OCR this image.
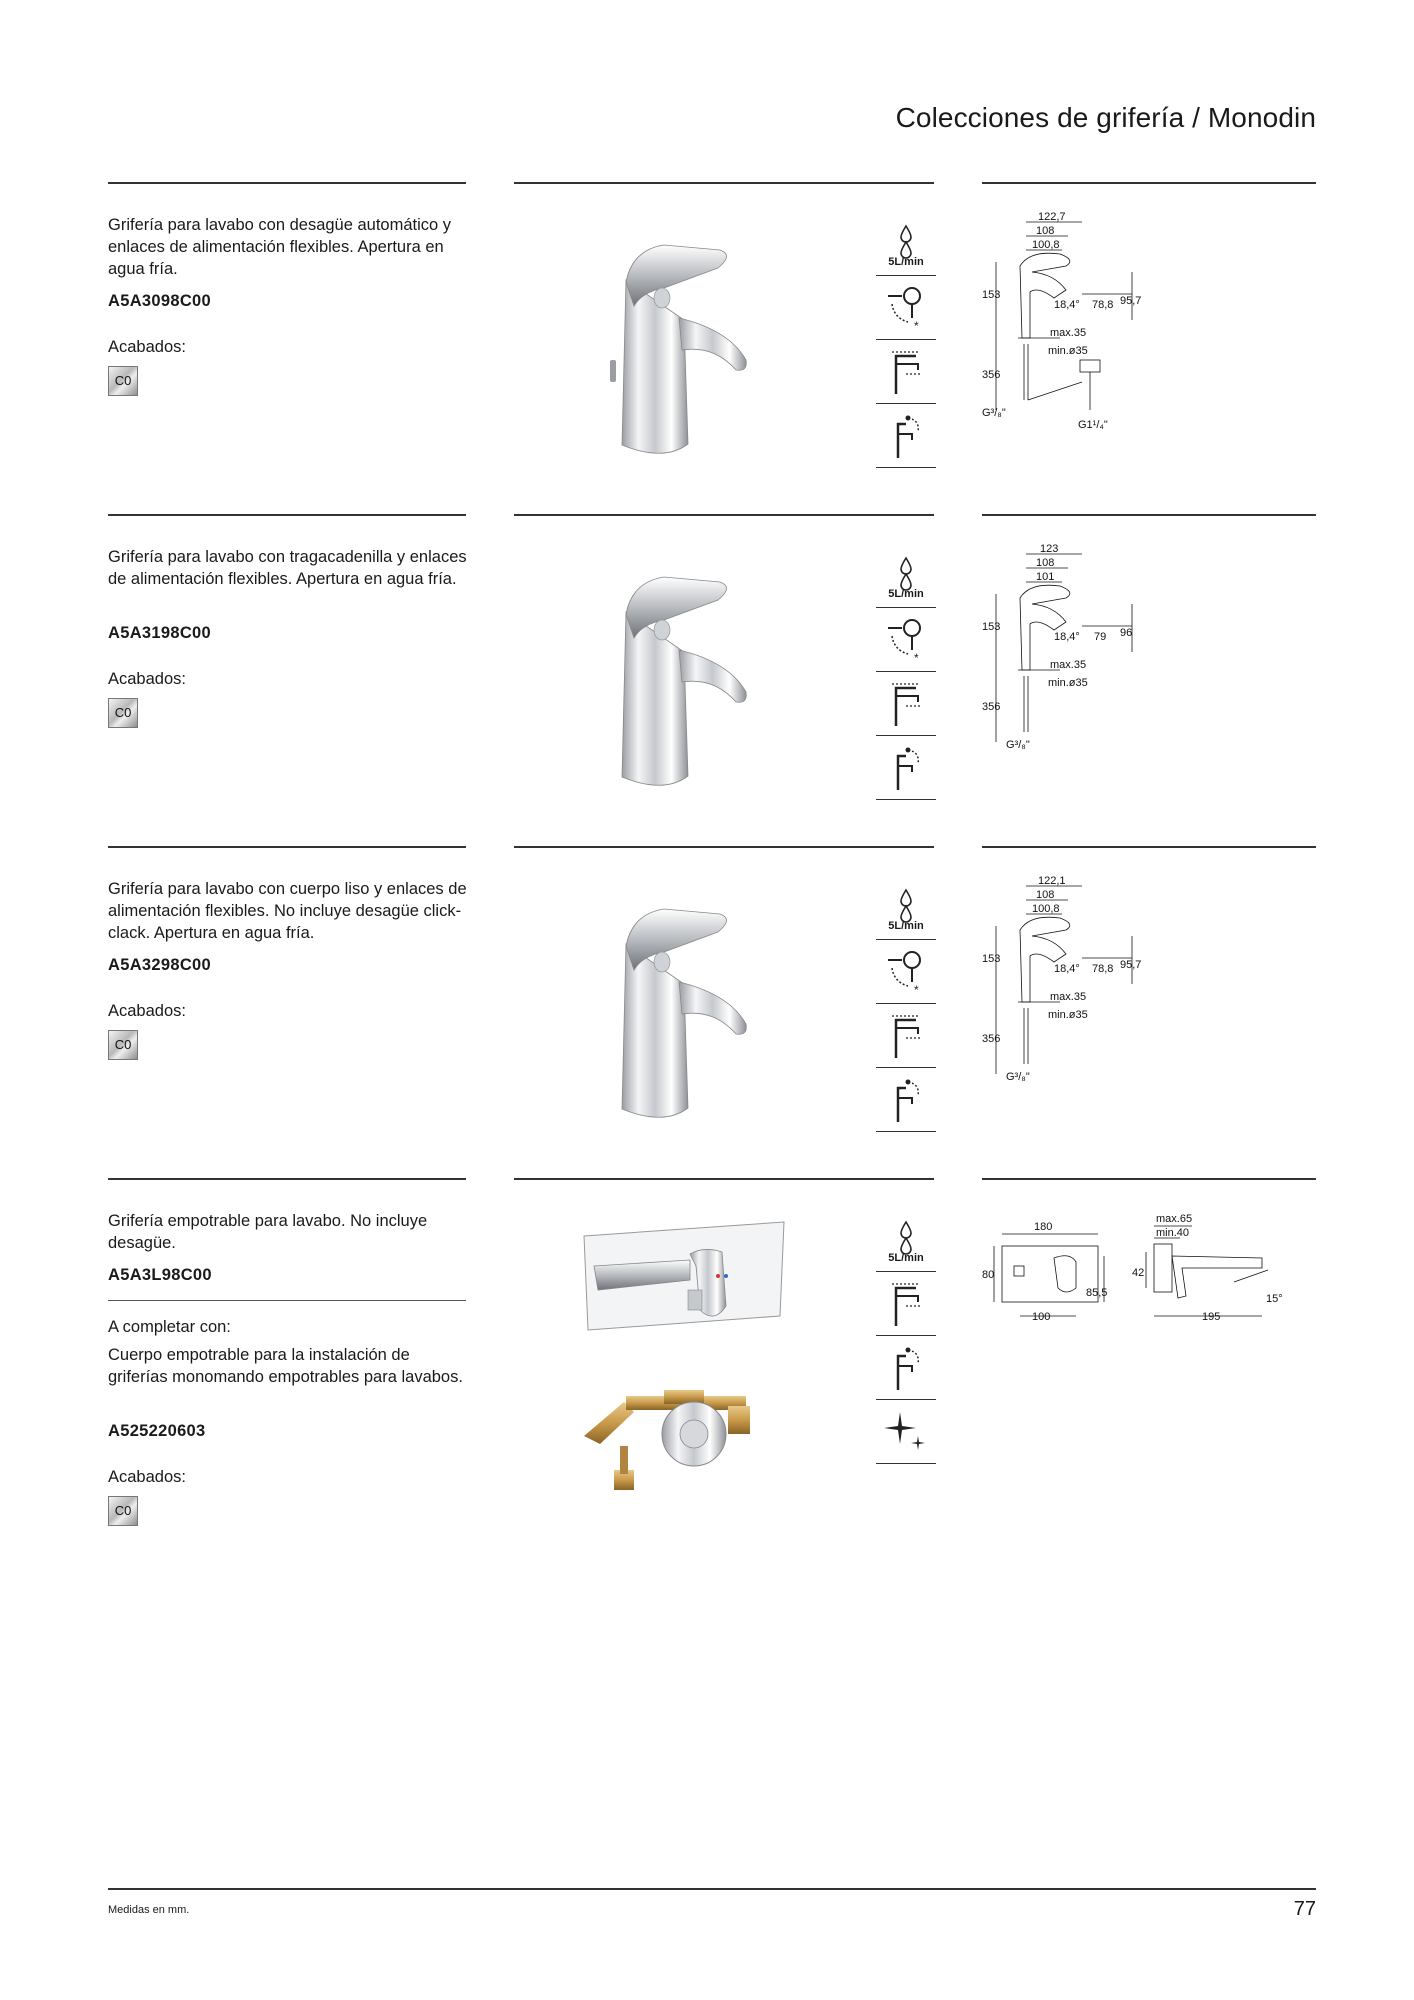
Colecciones de grifería / Monodin

Grifería para lavabo con desagüe automático y enlaces de alimentación flexibles. Apertura en agua fría.

A5A3098C00
Acabados:
C0
5L/min
*
122,7
108
100,8
153
18,4° 78,8 95,7
max.35
min.ø35
356
G³/₈"
G1¹/₄"

Grifería para lavabo con tragacadenilla y enlaces de alimentación flexibles. Apertura en agua fría.

A5A3198C00
Acabados:
C0
5L/min
*
123
108
101
153
18,4° 79 96
max.35
min.ø35
356
G³/₈"

Grifería para lavabo con cuerpo liso y enlaces de alimentación flexibles. No incluye desagüe click-clack. Apertura en agua fría.

A5A3298C00
Acabados:
C0
5L/min
*
122,1
108
100,8
153
18,4° 78,8 95,7
max.35
min.ø35
356
G³/₈"

Grifería empotrable para lavabo. No incluye desagüe.

A5A3L98C00
A completar con:

Cuerpo empotrable para la instalación de griferías monomando empotrables para lavabos.

A525220603
Acabados:
C0
5L/min
180
80
85,5
100
max.65
min.40
42
195
15°
Medidas en mm.	77
